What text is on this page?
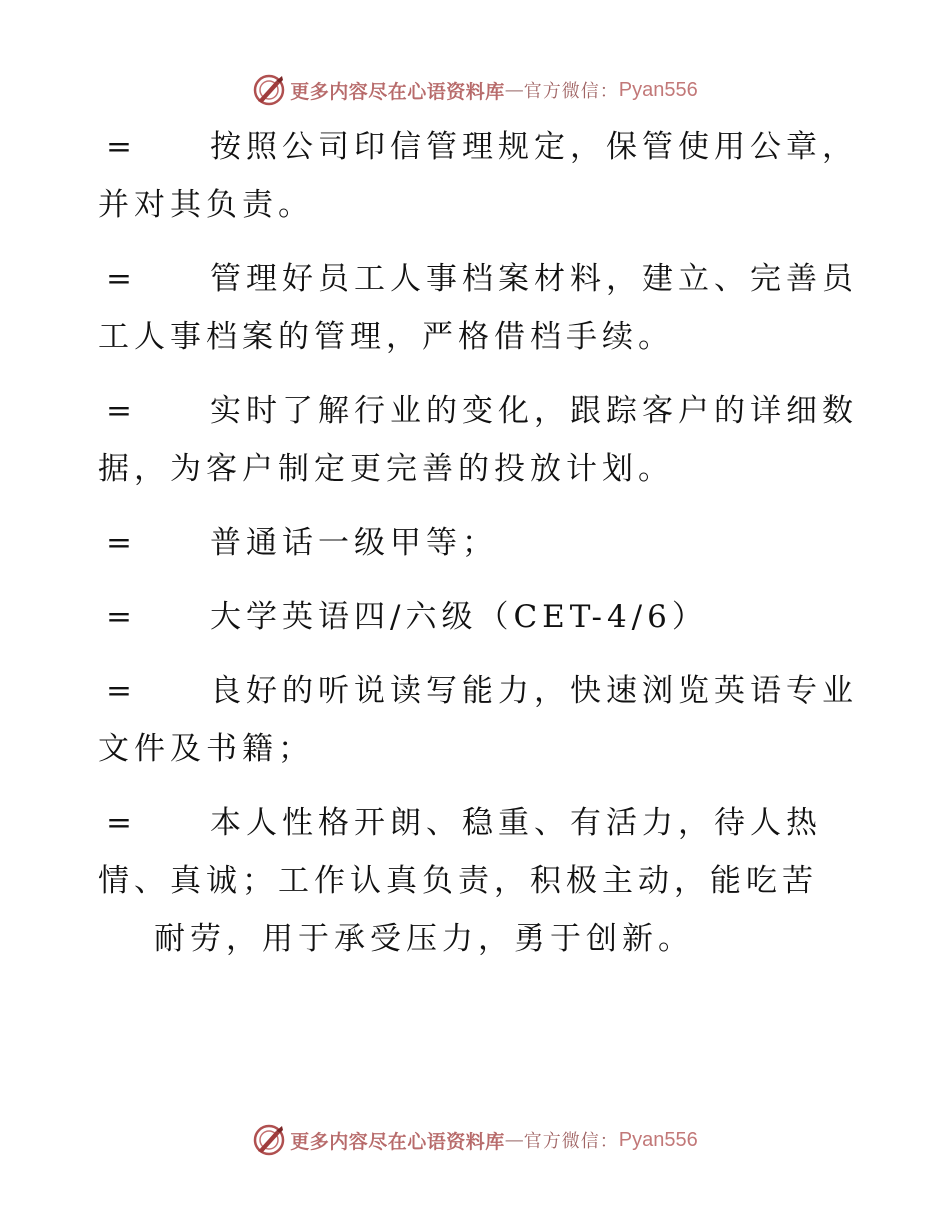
更多内容尽在心语资料库 — 官方微信： Pyan556
= 按照公司印信管理规定，保管使用公章，
并对其负责。
= 管理好员工人事档案材料，建立、完善员
工人事档案的管理，严格借档手续。
= 实时了解行业的变化，跟踪客户的详细数
据，为客户制定更完善的投放计划。
= 普通话一级甲等；
= 大学英语四/六级（CET-4/6）
= 良好的听说读写能力，快速浏览英语专业
文件及书籍；
= 本人性格开朗、稳重、有活力，待人热
情、真诚；工作认真负责，积极主动，能吃苦
耐劳，用于承受压力，勇于创新。
更多内容尽在心语资料库 — 官方微信： Pyan556
